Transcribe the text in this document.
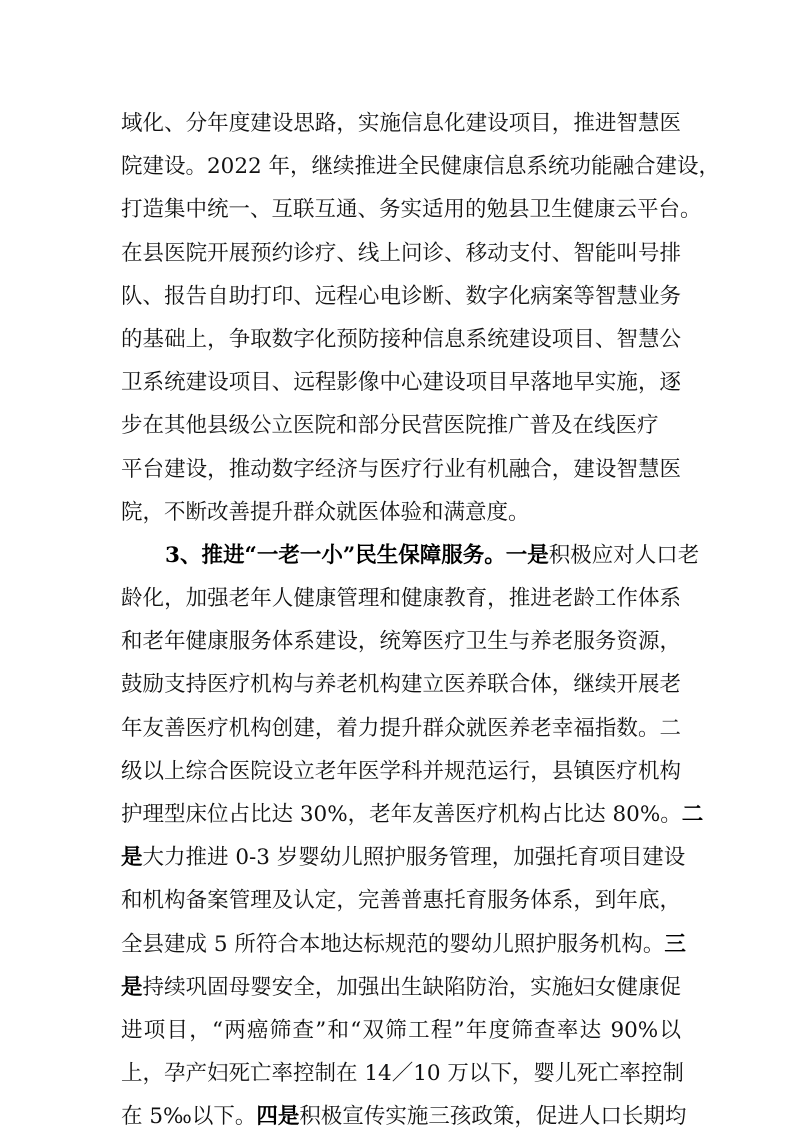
域化、分年度建设思路，实施信息化建设项目，推进智慧医
院建设。2022 年，继续推进全民健康信息系统功能融合建设，
打造集中统一、互联互通、务实适用的勉县卫生健康云平台。
在县医院开展预约诊疗、线上问诊、移动支付、智能叫号排
队、报告自助打印、远程心电诊断、数字化病案等智慧业务
的基础上，争取数字化预防接种信息系统建设项目、智慧公
卫系统建设项目、远程影像中心建设项目早落地早实施，逐
步在其他县级公立医院和部分民营医院推广普及在线医疗
平台建设，推动数字经济与医疗行业有机融合，建设智慧医
院，不断改善提升群众就医体验和满意度。
3、推进“一老一小”民生保障服务。一是积极应对人口老
龄化，加强老年人健康管理和健康教育，推进老龄工作体系
和老年健康服务体系建设，统筹医疗卫生与养老服务资源，
鼓励支持医疗机构与养老机构建立医养联合体，继续开展老
年友善医疗机构创建，着力提升群众就医养老幸福指数。二
级以上综合医院设立老年医学科并规范运行，县镇医疗机构
护理型床位占比达 30%，老年友善医疗机构占比达 80%。二
是大力推进 0-3 岁婴幼儿照护服务管理，加强托育项目建设
和机构备案管理及认定，完善普惠托育服务体系，到年底，
全县建成 5 所符合本地达标规范的婴幼儿照护服务机构。三
是持续巩固母婴安全，加强出生缺陷防治，实施妇女健康促
进项目，“两癌筛查”和“双筛工程”年度筛查率达 90%以
上，孕产妇死亡率控制在 14／10 万以下，婴儿死亡率控制
在 5‰以下。四是积极宣传实施三孩政策，促进人口长期均
